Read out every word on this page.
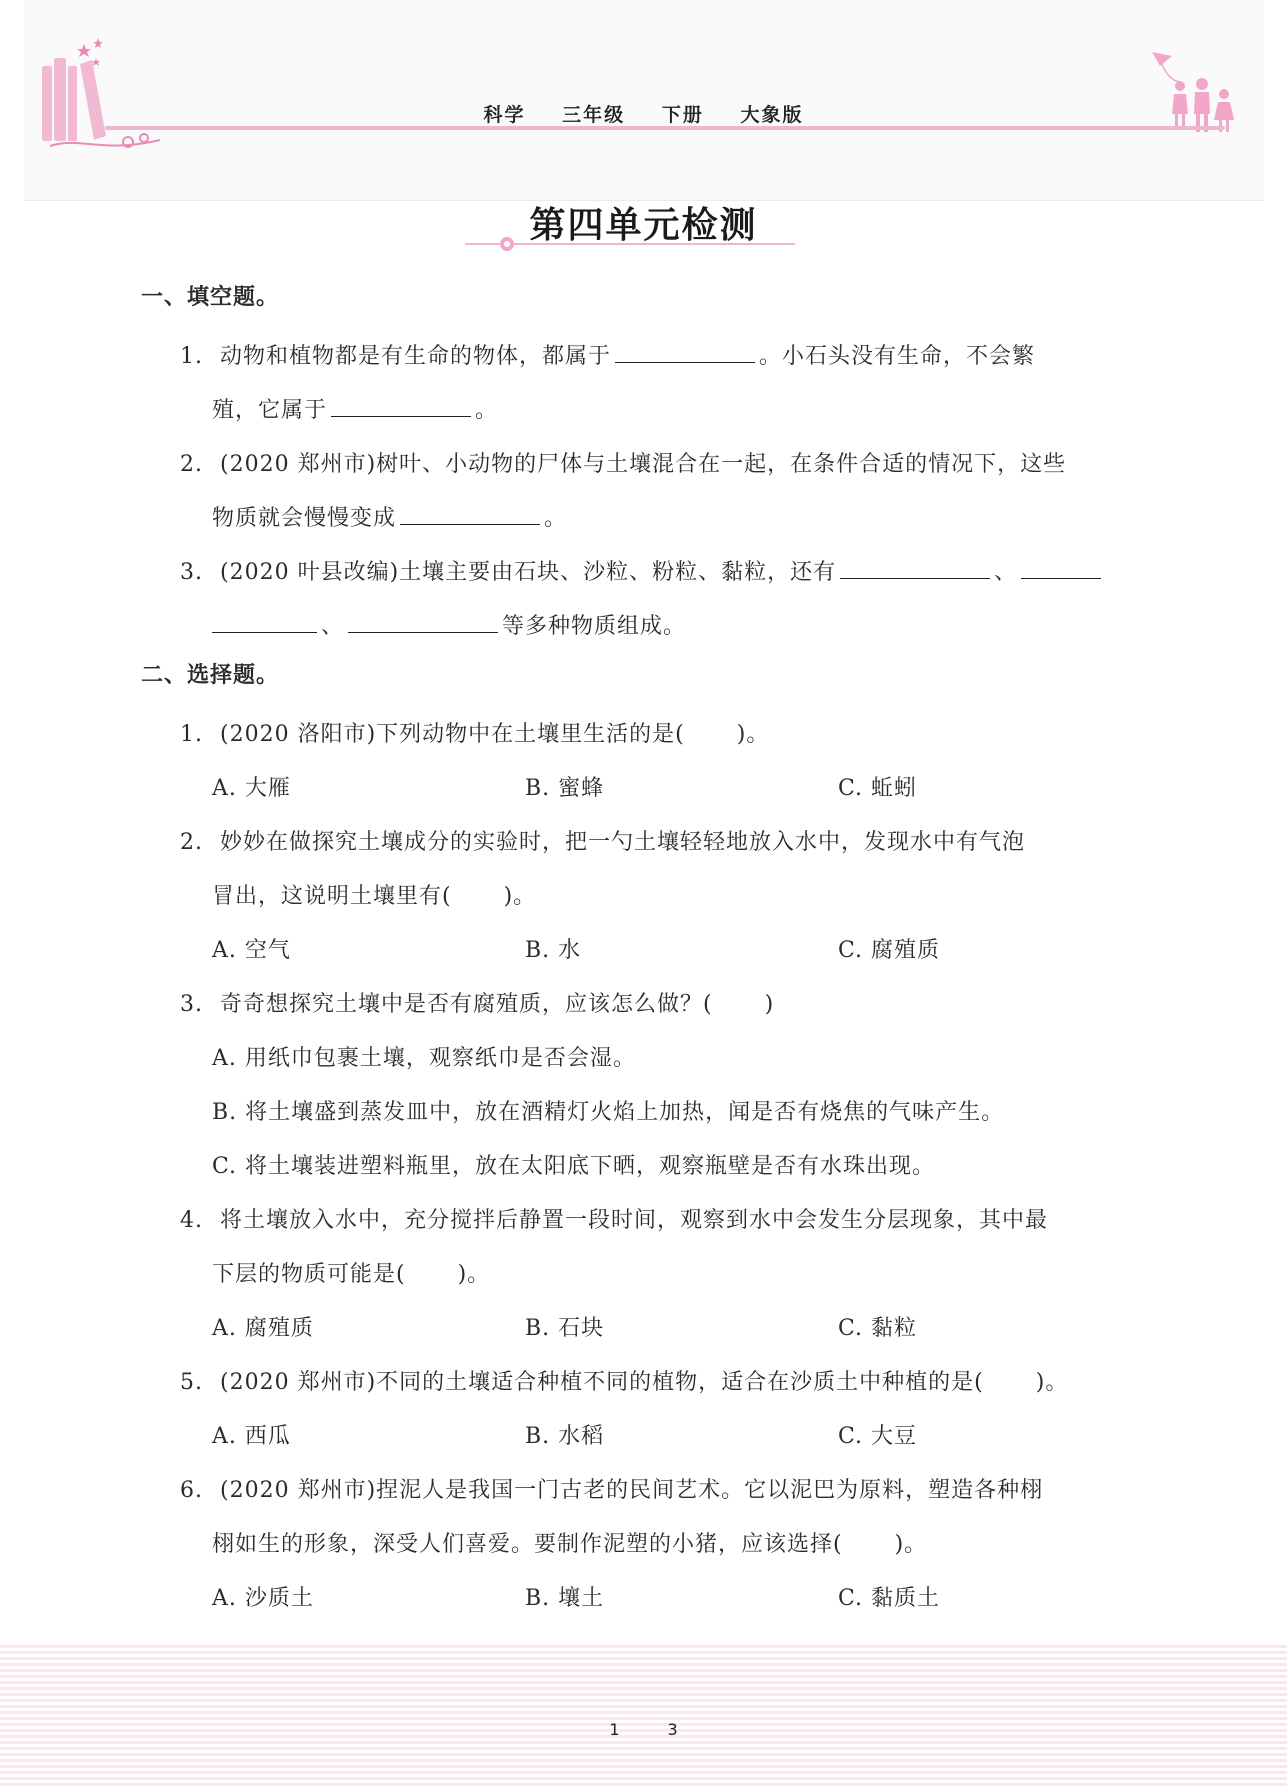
科学 三年级 下册 大象版
第四单元检测
一、填空题。
1. 动物和植物都是有生命的物体，都属于	。小石头没有生命，不会繁
殖，它属于	。
2. (2020 郑州市)树叶、小动物的尸体与土壤混合在一起，在条件合适的情况下，这些
物质就会慢慢变成	。
3. (2020 叶县改编)土壤主要由石块、沙粒、粉粒、黏粒，还有	、
、	等多种物质组成。
二、选择题。
1. (2020 洛阳市)下列动物中在土壤里生活的是( )。
A. 大雁	B. 蜜蜂	C. 蚯蚓
2. 妙妙在做探究土壤成分的实验时，把一勺土壤轻轻地放入水中，发现水中有气泡
冒出，这说明土壤里有( )。
A. 空气	B. 水	C. 腐殖质
3. 奇奇想探究土壤中是否有腐殖质，应该怎么做？( )
A. 用纸巾包裹土壤，观察纸巾是否会湿。
B. 将土壤盛到蒸发皿中，放在酒精灯火焰上加热，闻是否有烧焦的气味产生。
C. 将土壤装进塑料瓶里，放在太阳底下晒，观察瓶壁是否有水珠出现。
4. 将土壤放入水中，充分搅拌后静置一段时间，观察到水中会发生分层现象，其中最
下层的物质可能是( )。
A. 腐殖质	B. 石块	C. 黏粒
5. (2020 郑州市)不同的土壤适合种植不同的植物，适合在沙质土中种植的是( )。
A. 西瓜	B. 水稻	C. 大豆
6. (2020 郑州市)捏泥人是我国一门古老的民间艺术。它以泥巴为原料，塑造各种栩
栩如生的形象，深受人们喜爱。要制作泥塑的小猪，应该选择( )。
A. 沙质土	B. 壤土	C. 黏质土
1	3
